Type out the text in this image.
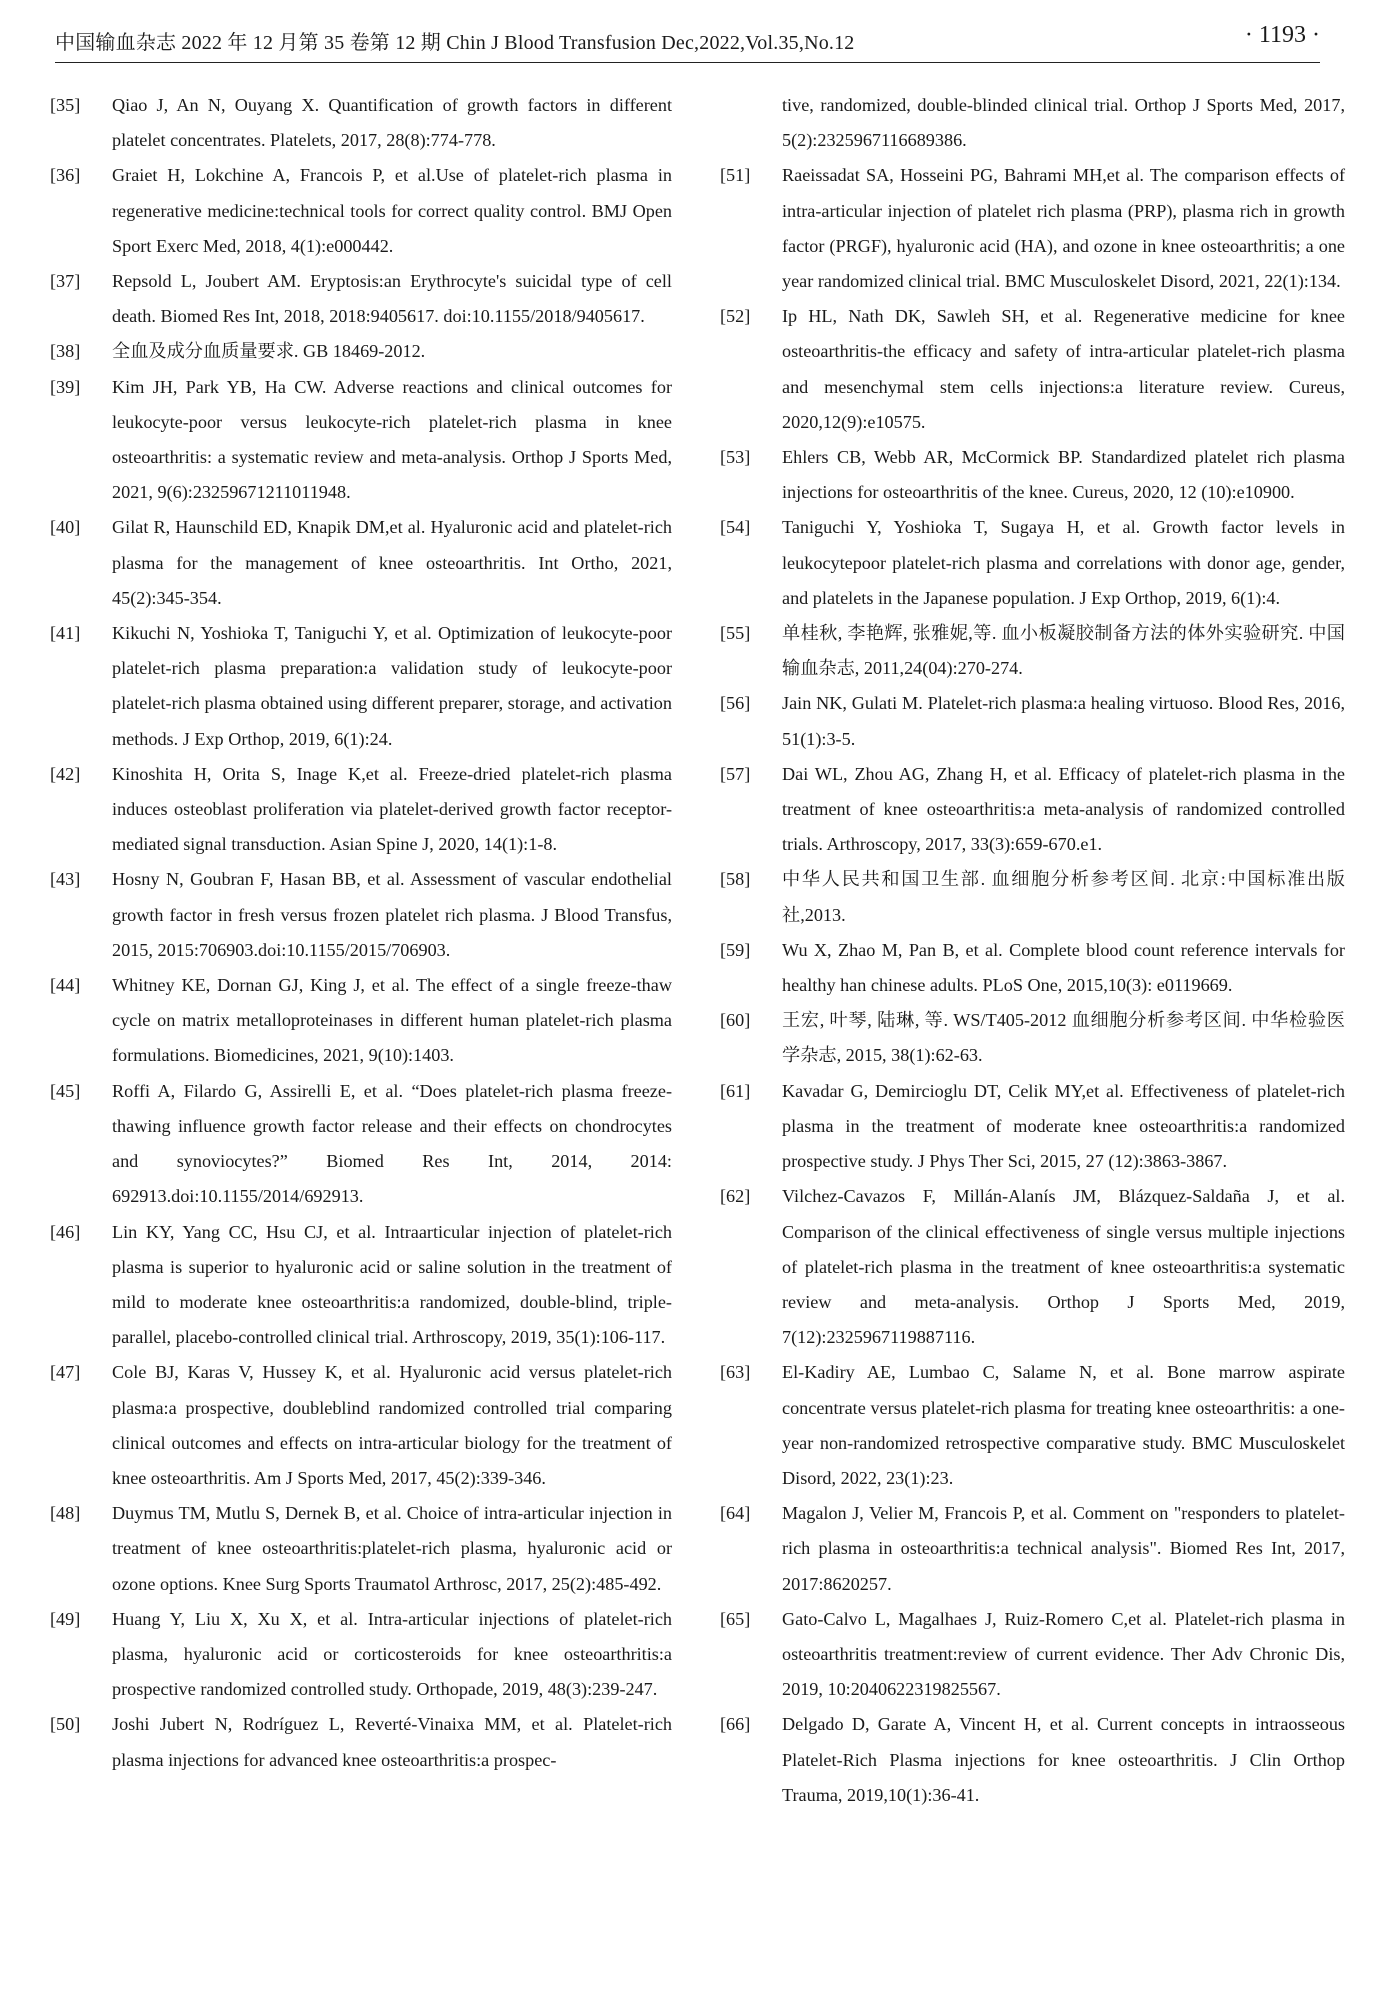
中国输血杂志 2022 年 12 月第 35 卷第 12 期 Chin J Blood Transfusion Dec,2022,Vol.35,No.12	· 1193 ·
[35]	Qiao J, An N, Ouyang X. Quantification of growth factors in different platelet concentrates. Platelets, 2017, 28(8):774-778.
[36]	Graiet H, Lokchine A, Francois P, et al.Use of platelet-rich plasma in regenerative medicine:technical tools for correct quality control. BMJ Open Sport Exerc Med, 2018, 4(1):e000442.
[37]	Repsold L, Joubert AM. Eryptosis:an Erythrocyte's suicidal type of cell death. Biomed Res Int, 2018, 2018:9405617. doi:10.1155/2018/9405617.
[38]	全血及成分血质量要求. GB 18469-2012.
[39]	Kim JH, Park YB, Ha CW. Adverse reactions and clinical outcomes for leukocyte-poor versus leukocyte-rich platelet-rich plasma in knee osteoarthritis: a systematic review and meta-analysis. Orthop J Sports Med, 2021, 9(6):23259671211011948.
[40]	Gilat R, Haunschild ED, Knapik DM,et al. Hyaluronic acid and platelet-rich plasma for the management of knee osteoarthritis. Int Ortho, 2021, 45(2):345-354.
[41]	Kikuchi N, Yoshioka T, Taniguchi Y, et al. Optimization of leukocyte-poor platelet-rich plasma preparation:a validation study of leukocyte-poor platelet-rich plasma obtained using different preparer, storage, and activation methods. J Exp Orthop, 2019, 6(1):24.
[42]	Kinoshita H, Orita S, Inage K,et al. Freeze-dried platelet-rich plasma induces osteoblast proliferation via platelet-derived growth factor receptor-mediated signal transduction. Asian Spine J, 2020, 14(1):1-8.
[43]	Hosny N, Goubran F, Hasan BB, et al. Assessment of vascular endothelial growth factor in fresh versus frozen platelet rich plasma. J Blood Transfus, 2015, 2015:706903.doi:10.1155/2015/706903.
[44]	Whitney KE, Dornan GJ, King J, et al. The effect of a single freeze-thaw cycle on matrix metalloproteinases in different human platelet-rich plasma formulations. Biomedicines, 2021, 9(10):1403.
[45]	Roffi A, Filardo G, Assirelli E, et al. “Does platelet-rich plasma freeze-thawing influence growth factor release and their effects on chondrocytes and synoviocytes?” Biomed Res Int, 2014, 2014: 692913.doi:10.1155/2014/692913.
[46]	Lin KY, Yang CC, Hsu CJ, et al. Intraarticular injection of platelet-rich plasma is superior to hyaluronic acid or saline solution in the treatment of mild to moderate knee osteoarthritis:a randomized, double-blind, triple-parallel, placebo-controlled clinical trial. Arthroscopy, 2019, 35(1):106-117.
[47]	Cole BJ, Karas V, Hussey K, et al. Hyaluronic acid versus platelet-rich plasma:a prospective, doubleblind randomized controlled trial comparing clinical outcomes and effects on intra-articular biology for the treatment of knee osteoarthritis. Am J Sports Med, 2017, 45(2):339-346.
[48]	Duymus TM, Mutlu S, Dernek B, et al. Choice of intra-articular injection in treatment of knee osteoarthritis:platelet-rich plasma, hyaluronic acid or ozone options. Knee Surg Sports Traumatol Arthrosc, 2017, 25(2):485-492.
[49]	Huang Y, Liu X, Xu X, et al. Intra-articular injections of platelet-rich plasma, hyaluronic acid or corticosteroids for knee osteoarthritis:a prospective randomized controlled study. Orthopade, 2019, 48(3):239-247.
[50]	Joshi Jubert N, Rodríguez L, Reverté-Vinaixa MM, et al. Platelet-rich plasma injections for advanced knee osteoarthritis:a prospec-
tive, randomized, double-blinded clinical trial. Orthop J Sports Med, 2017, 5(2):2325967116689386.
[51]	Raeissadat SA, Hosseini PG, Bahrami MH,et al. The comparison effects of intra-articular injection of platelet rich plasma (PRP), plasma rich in growth factor (PRGF), hyaluronic acid (HA), and ozone in knee osteoarthritis; a one year randomized clinical trial. BMC Musculoskelet Disord, 2021, 22(1):134.
[52]	Ip HL, Nath DK, Sawleh SH, et al. Regenerative medicine for knee osteoarthritis-the efficacy and safety of intra-articular platelet-rich plasma and mesenchymal stem cells injections:a literature review. Cureus, 2020,12(9):e10575.
[53]	Ehlers CB, Webb AR, McCormick BP. Standardized platelet rich plasma injections for osteoarthritis of the knee. Cureus, 2020, 12 (10):e10900.
[54]	Taniguchi Y, Yoshioka T, Sugaya H, et al. Growth factor levels in leukocytepoor platelet-rich plasma and correlations with donor age, gender, and platelets in the Japanese population. J Exp Orthop, 2019, 6(1):4.
[55]	单桂秋, 李艳辉, 张雅妮,等. 血小板凝胶制备方法的体外实验研究. 中国输血杂志, 2011,24(04):270-274.
[56]	Jain NK, Gulati M. Platelet-rich plasma:a healing virtuoso. Blood Res, 2016, 51(1):3-5.
[57]	Dai WL, Zhou AG, Zhang H, et al. Efficacy of platelet-rich plasma in the treatment of knee osteoarthritis:a meta-analysis of randomized controlled trials. Arthroscopy, 2017, 33(3):659-670.e1.
[58]	中华人民共和国卫生部. 血细胞分析参考区间. 北京:中国标准出版社,2013.
[59]	Wu X, Zhao M, Pan B, et al. Complete blood count reference intervals for healthy han chinese adults. PLoS One, 2015,10(3): e0119669.
[60]	王宏, 叶琴, 陆琳, 等. WS/T405-2012 血细胞分析参考区间. 中华检验医学杂志, 2015, 38(1):62-63.
[61]	Kavadar G, Demircioglu DT, Celik MY,et al. Effectiveness of platelet-rich plasma in the treatment of moderate knee osteoarthritis:a randomized prospective study. J Phys Ther Sci, 2015, 27 (12):3863-3867.
[62]	Vilchez-Cavazos F, Millán-Alanís JM, Blázquez-Saldaña J, et al. Comparison of the clinical effectiveness of single versus multiple injections of platelet-rich plasma in the treatment of knee osteoarthritis:a systematic review and meta-analysis. Orthop J Sports Med, 2019, 7(12):2325967119887116.
[63]	El-Kadiry AE, Lumbao C, Salame N, et al. Bone marrow aspirate concentrate versus platelet-rich plasma for treating knee osteoarthritis: a one-year non-randomized retrospective comparative study. BMC Musculoskelet Disord, 2022, 23(1):23.
[64]	Magalon J, Velier M, Francois P, et al. Comment on "responders to platelet-rich plasma in osteoarthritis:a technical analysis". Biomed Res Int, 2017, 2017:8620257.
[65]	Gato-Calvo L, Magalhaes J, Ruiz-Romero C,et al. Platelet-rich plasma in osteoarthritis treatment:review of current evidence. Ther Adv Chronic Dis, 2019, 10:2040622319825567.
[66]	Delgado D, Garate A, Vincent H, et al. Current concepts in intraosseous Platelet-Rich Plasma injections for knee osteoarthritis. J Clin Orthop Trauma, 2019,10(1):36-41.
